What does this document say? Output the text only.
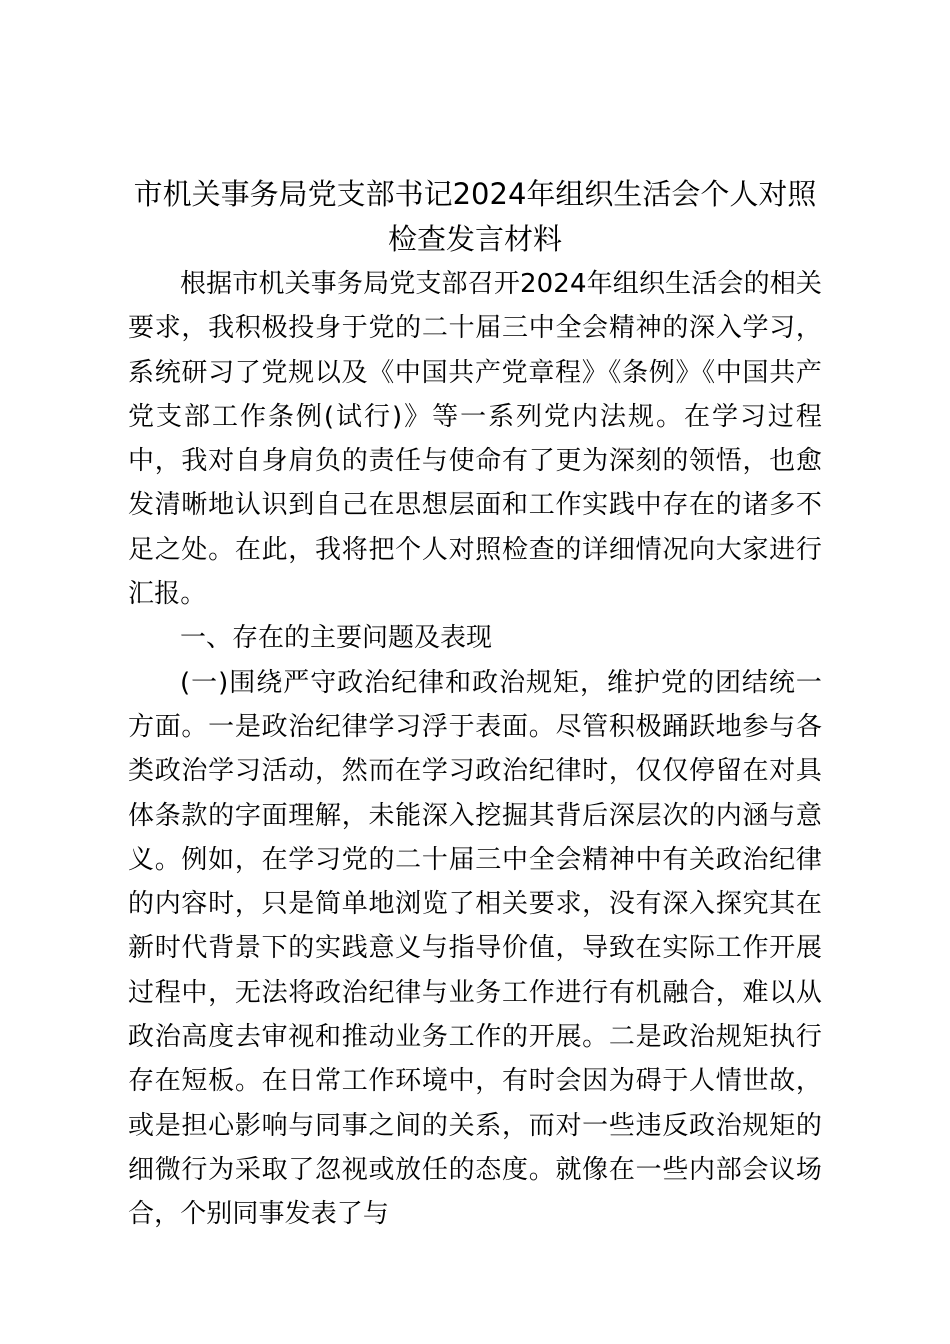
市机关事务局党支部书记2024年组织生活会个人对照
检查发言材料

根据市机关事务局党支部召开2024年组织生活会的相关要求，我积极投身于党的二十届三中全会精神的深入学习，系统研习了党规以及《中国共产党章程》《条例》《中国共产党支部工作条例(试行)》等一系列党内法规。在学习过程中，我对自身肩负的责任与使命有了更为深刻的领悟，也愈发清晰地认识到自己在思想层面和工作实践中存在的诸多不足之处。在此，我将把个人对照检查的详细情况向大家进行汇报。

一、存在的主要问题及表现

(一)围绕严守政治纪律和政治规矩，维护党的团结统一方面。一是政治纪律学习浮于表面。尽管积极踊跃地参与各类政治学习活动，然而在学习政治纪律时，仅仅停留在对具体条款的字面理解，未能深入挖掘其背后深层次的内涵与意义。例如，在学习党的二十届三中全会精神中有关政治纪律的内容时，只是简单地浏览了相关要求，没有深入探究其在新时代背景下的实践意义与指导价值，导致在实际工作开展过程中，无法将政治纪律与业务工作进行有机融合，难以从政治高度去审视和推动业务工作的开展。二是政治规矩执行存在短板。在日常工作环境中，有时会因为碍于人情世故，或是担心影响与同事之间的关系，而对一些违反政治规矩的细微行为采取了忽视或放任的态度。就像在一些内部会议场合，个别同事发表了与
